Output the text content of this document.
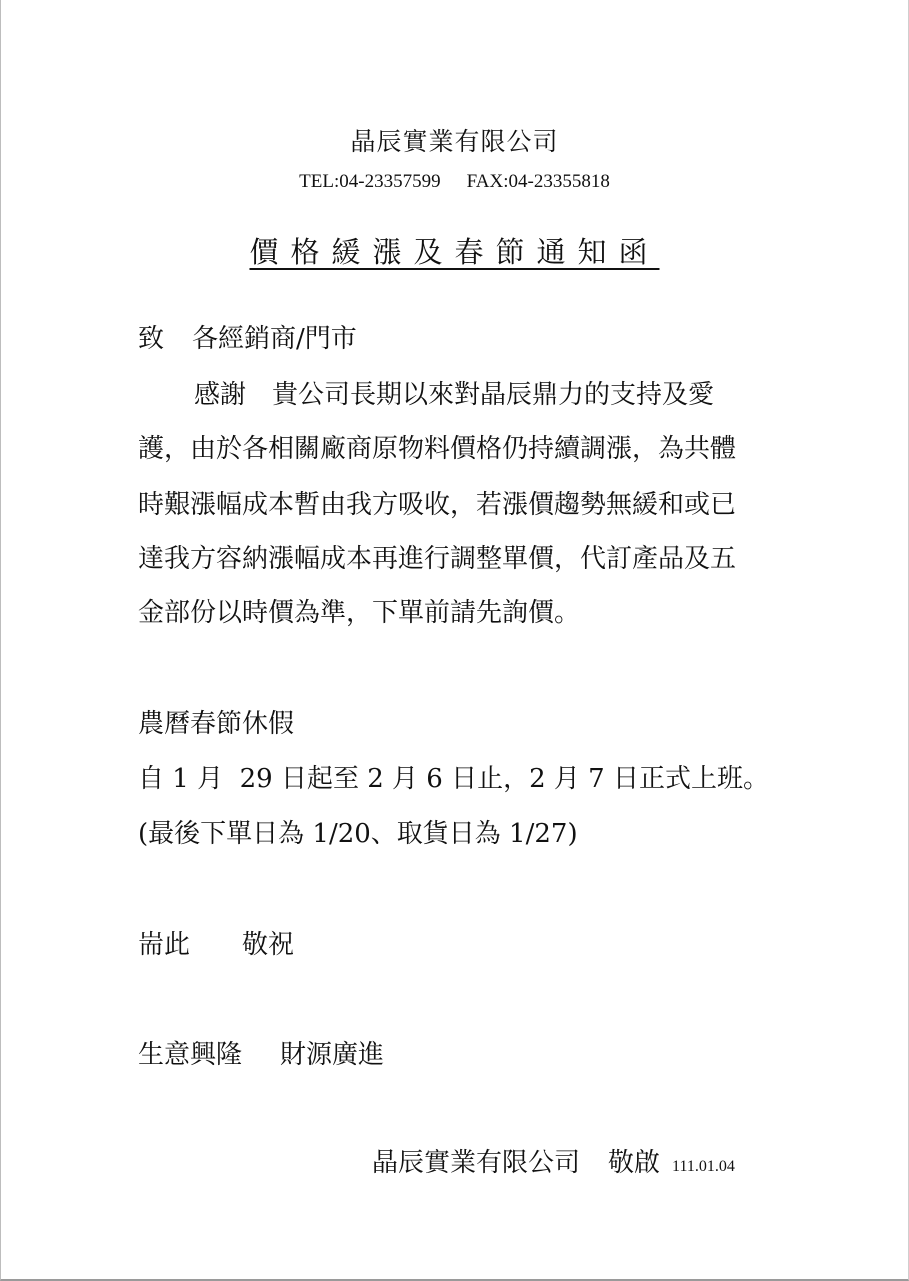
晶辰實業有限公司
TEL:04-23357599 FAX:04-23355818
價格緩漲及春節通知函
致 各經銷商/門市
感謝　貴公司長期以來對晶辰鼎力的支持及愛
護，由於各相關廠商原物料價格仍持續調漲，為共體
時艱漲幅成本暫由我方吸收，若漲價趨勢無緩和或已
達我方容納漲幅成本再進行調整單價，代訂產品及五
金部份以時價為準，下單前請先詢價。
農曆春節休假
自 1 月  29 日起至 2 月 6 日止，2 月 7 日正式上班。
(最後下單日為 1/20、取貨日為 1/27)
耑此 敬祝
生意興隆 財源廣進
晶辰實業有限公司 敬啟 111.01.04
